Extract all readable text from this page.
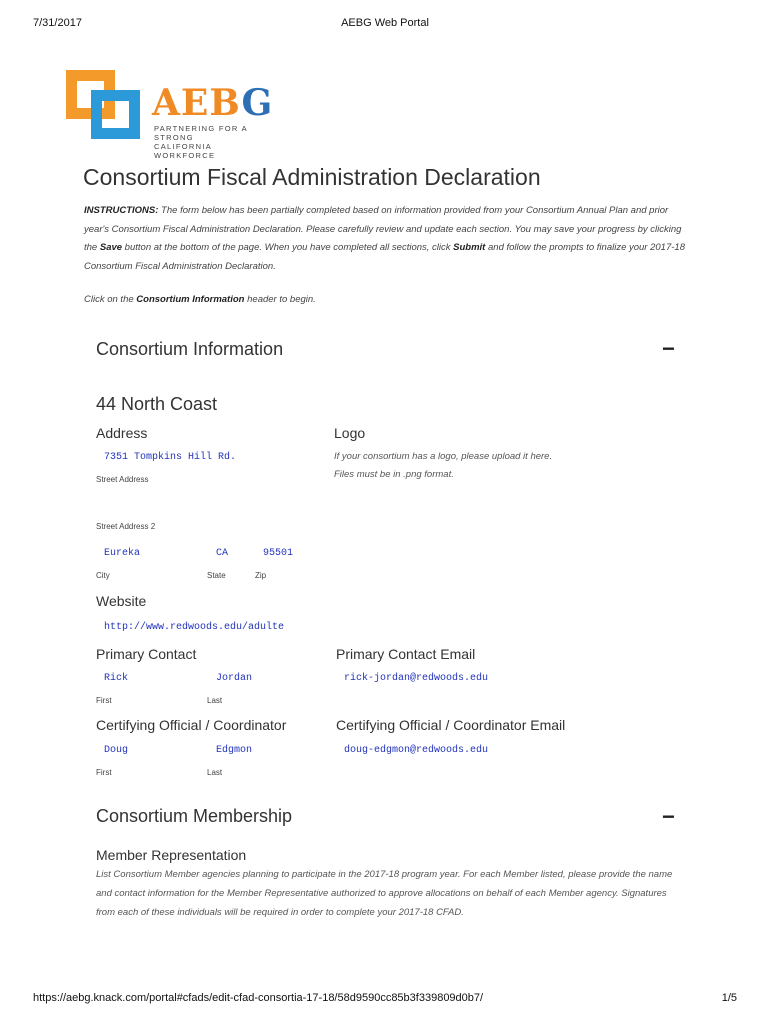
7/31/2017	AEBG Web Portal
AEBG
PARTNERING FOR A STRONG
CALIFORNIA WORKFORCE
Consortium Fiscal Administration Declaration
INSTRUCTIONS: The form below has been partially completed based on information provided from your Consortium Annual Plan and prior year's Consortium Fiscal Administration Declaration. Please carefully review and update each section. You may save your progress by clicking the Save button at the bottom of the page. When you have completed all sections, click Submit and follow the prompts to finalize your 2017-18 Consortium Fiscal Administration Declaration.
Click on the Consortium Information header to begin.
Consortium Information	−
44 North Coast
Address
7351 Tompkins Hill Rd.
Street Address
Street Address 2
Eureka	CA	95501
City	State	Zip
Logo
If your consortium has a logo, please upload it here.
Files must be in .png format.
Website
http://www.redwoods.edu/adulte
Primary Contact
Rick	Jordan
First	Last
Primary Contact Email
rick-jordan@redwoods.edu
Certifying Official / Coordinator
Doug	Edgmon
First	Last
Certifying Official / Coordinator Email
doug-edgmon@redwoods.edu
Consortium Membership	−
Member Representation
List Consortium Member agencies planning to participate in the 2017-18 program year. For each Member listed, please provide the name and contact information for the Member Representative authorized to approve allocations on behalf of each Member agency. Signatures from each of these individuals will be required in order to complete your 2017-18 CFAD.
https://aebg.knack.com/portal#cfads/edit-cfad-consortia-17-18/58d9590cc85b3f339809d0b7/	1/5
